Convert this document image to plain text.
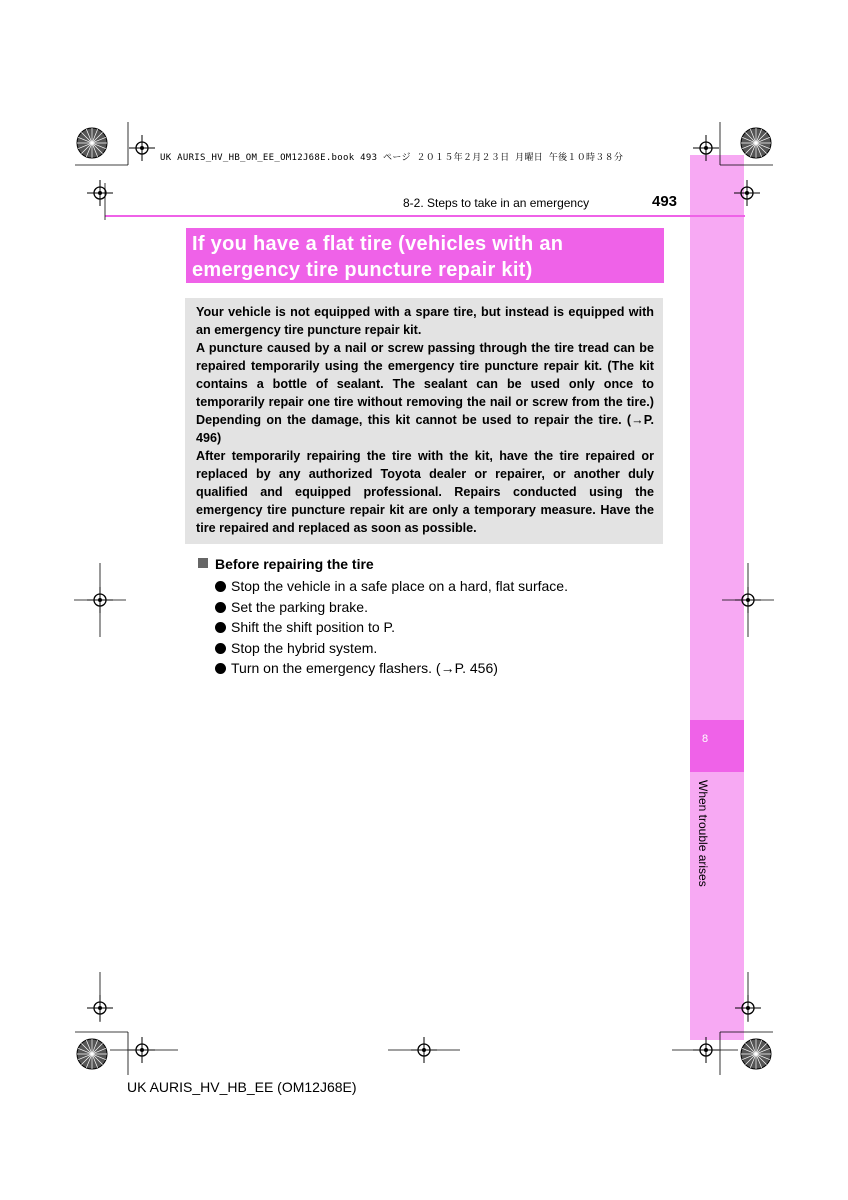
8
When trouble arises
UK AURIS_HV_HB_OM_EE_OM12J68E.book 493 ページ ２０１５年２月２３日 月曜日 午後１０時３８分
8-2. Steps to take in an emergency	493
If you have a flat tire (vehicles with an emergency tire puncture repair kit)

Your vehicle is not equipped with a spare tire, but instead is equipped with an emergency tire puncture repair kit.

A puncture caused by a nail or screw passing through the tire tread can be repaired temporarily using the emergency tire puncture repair kit. (The kit contains a bottle of sealant. The sealant can be used only once to temporarily repair one tire without removing the nail or screw from the tire.) Depending on the damage, this kit cannot be used to repair the tire. (→P. 496)

After temporarily repairing the tire with the kit, have the tire repaired or replaced by any authorized Toyota dealer or repairer, or another duly qualified and equipped professional. Repairs conducted using the emergency tire puncture repair kit are only a temporary measure. Have the tire repaired and replaced as soon as possible.

Before repairing the tire
Stop the vehicle in a safe place on a hard, flat surface.
Set the parking brake.
Shift the shift position to P.
Stop the hybrid system.
Turn on the emergency flashers. (→P. 456)
UK AURIS_HV_HB_EE (OM12J68E)
